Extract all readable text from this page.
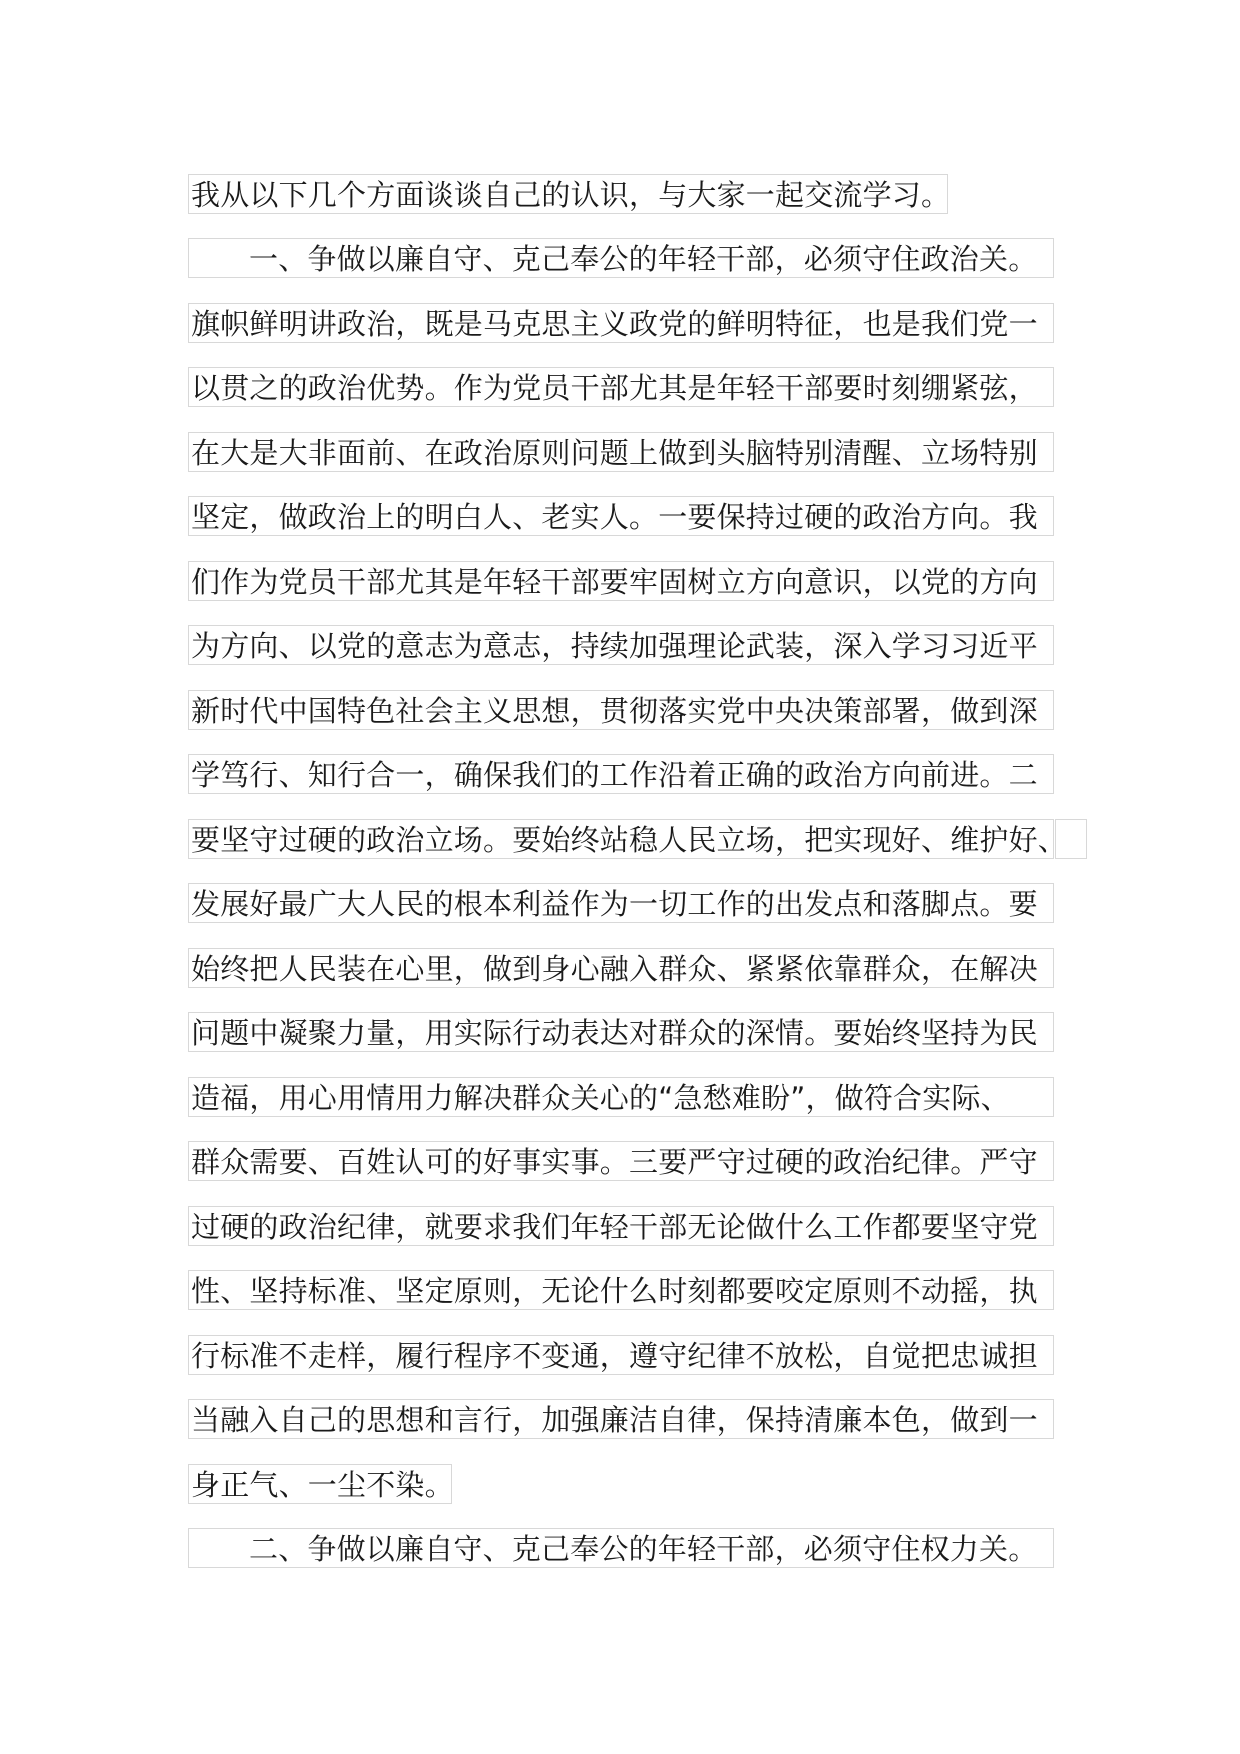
我从以下几个方面谈谈自己的认识，与大家一起交流学习。
一、争做以廉自守、克己奉公的年轻干部，必须守住政治关。
旗帜鲜明讲政治，既是马克思主义政党的鲜明特征，也是我们党一
以贯之的政治优势。作为党员干部尤其是年轻干部要时刻绷紧弦，
在大是大非面前、在政治原则问题上做到头脑特别清醒、立场特别
坚定，做政治上的明白人、老实人。一要保持过硬的政治方向。我
们作为党员干部尤其是年轻干部要牢固树立方向意识，以党的方向
为方向、以党的意志为意志，持续加强理论武装，深入学习习近平
新时代中国特色社会主义思想，贯彻落实党中央决策部署，做到深
学笃行、知行合一，确保我们的工作沿着正确的政治方向前进。二
要坚守过硬的政治立场。要始终站稳人民立场，把实现好、维护好、
发展好最广大人民的根本利益作为一切工作的出发点和落脚点。要
始终把人民装在心里，做到身心融入群众、紧紧依靠群众，在解决
问题中凝聚力量，用实际行动表达对群众的深情。要始终坚持为民
造福，用心用情用力解决群众关心的“急愁难盼”，做符合实际、
群众需要、百姓认可的好事实事。三要严守过硬的政治纪律。严守
过硬的政治纪律，就要求我们年轻干部无论做什么工作都要坚守党
性、坚持标准、坚定原则，无论什么时刻都要咬定原则不动摇，执
行标准不走样，履行程序不变通，遵守纪律不放松，自觉把忠诚担
当融入自己的思想和言行，加强廉洁自律，保持清廉本色，做到一
身正气、一尘不染。
二、争做以廉自守、克己奉公的年轻干部，必须守住权力关。
